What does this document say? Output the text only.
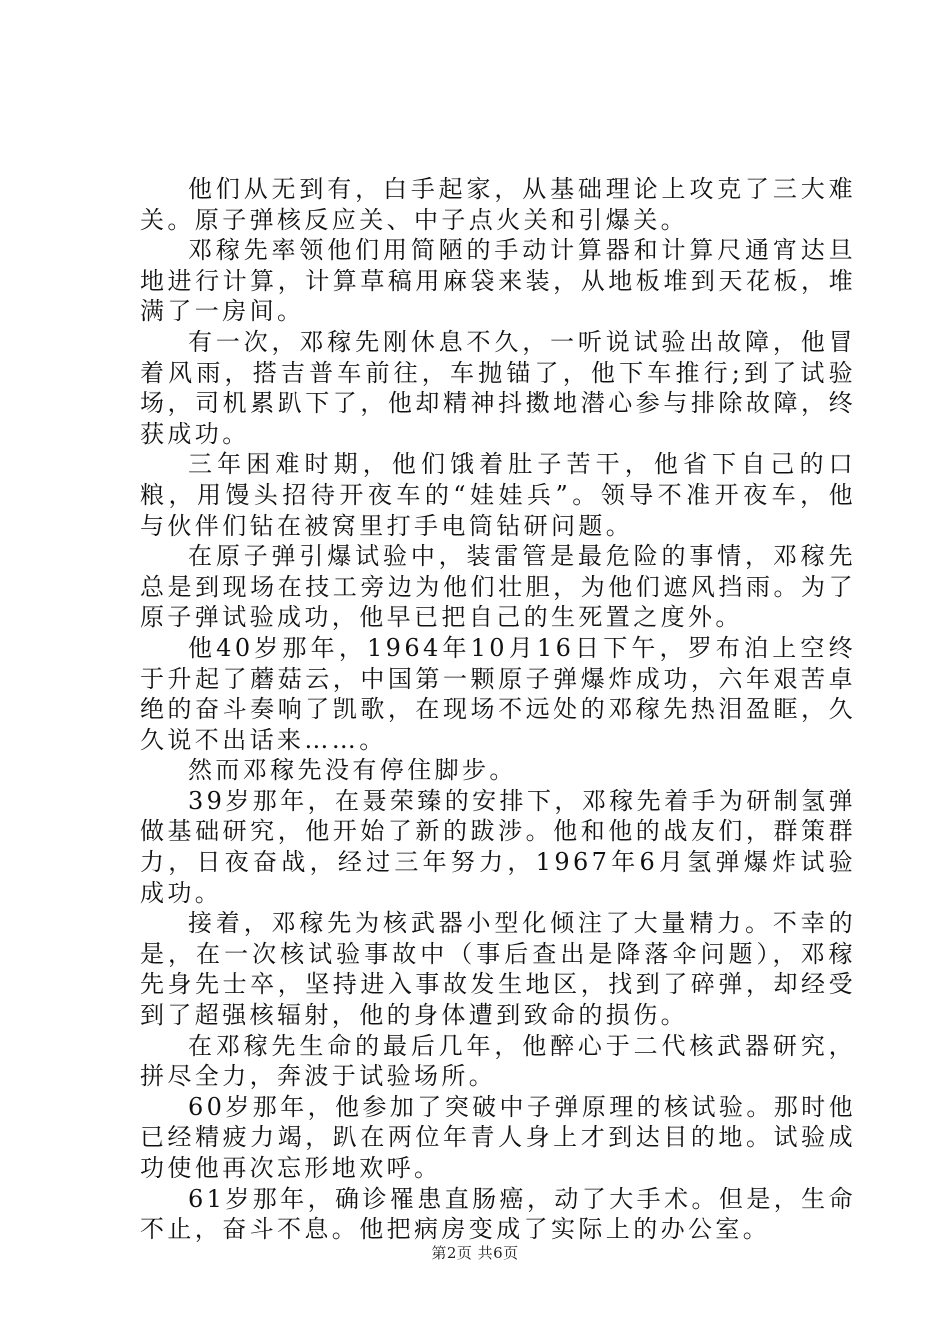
他们从无到有，白手起家，从基础理论上攻克了三大难关。原子弹核反应关、中子点火关和引爆关。

邓稼先率领他们用简陋的手动计算器和计算尺通宵达旦地进行计算，计算草稿用麻袋来装，从地板堆到天花板，堆满了一房间。

有一次，邓稼先刚休息不久，一听说试验出故障，他冒着风雨，搭吉普车前往，车抛锚了，他下车推行;到了试验场，司机累趴下了，他却精神抖擞地潜心参与排除故障，终获成功。

三年困难时期，他们饿着肚子苦干，他省下自己的口粮，用馒头招待开夜车的“娃娃兵”。领导不准开夜车，他与伙伴们钻在被窝里打手电筒钻研问题。

在原子弹引爆试验中，装雷管是最危险的事情，邓稼先总是到现场在技工旁边为他们壮胆，为他们遮风挡雨。为了原子弹试验成功，他早已把自己的生死置之度外。

他40岁那年，1964年10月16日下午，罗布泊上空终于升起了蘑菇云，中国第一颗原子弹爆炸成功，六年艰苦卓绝的奋斗奏响了凯歌，在现场不远处的邓稼先热泪盈眶，久久说不出话来……。

然而邓稼先没有停住脚步。

39岁那年，在聂荣臻的安排下，邓稼先着手为研制氢弹做基础研究，他开始了新的跋涉。他和他的战友们，群策群力，日夜奋战，经过三年努力，1967年6月氢弹爆炸试验成功。

接着，邓稼先为核武器小型化倾注了大量精力。不幸的是，在一次核试验事故中（事后查出是降落伞问题），邓稼先身先士卒，坚持进入事故发生地区，找到了碎弹，却经受到了超强核辐射，他的身体遭到致命的损伤。

在邓稼先生命的最后几年，他醉心于二代核武器研究，拼尽全力，奔波于试验场所。

60岁那年，他参加了突破中子弹原理的核试验。那时他已经精疲力竭，趴在两位年青人身上才到达目的地。试验成功使他再次忘形地欢呼。

61岁那年，确诊罹患直肠癌，动了大手术。但是，生命不止，奋斗不息。他把病房变成了实际上的办公室。

第2页 共6页
